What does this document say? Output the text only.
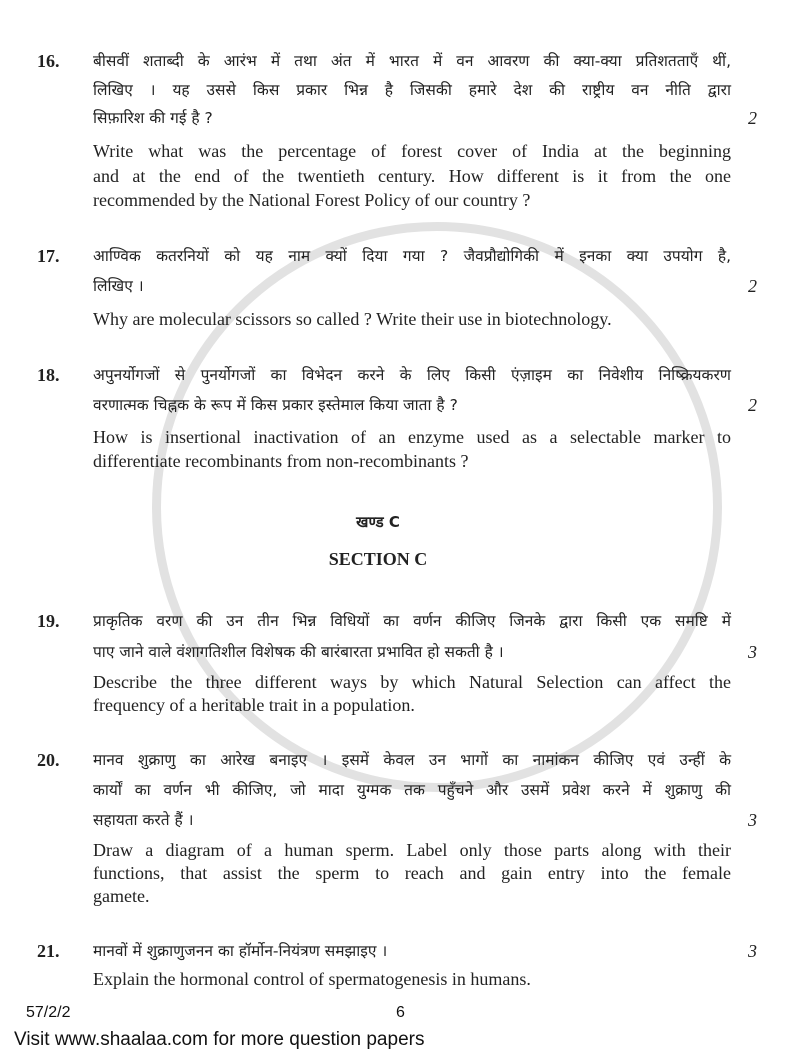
16. बीसवीं शताब्दी के आरंभ में तथा अंत में भारत में वन आवरण की क्या-क्या प्रतिशतताएँ थीं,
लिखिए । यह उससे किस प्रकार भिन्न है जिसकी हमारे देश की राष्ट्रीय वन नीति द्वारा
सिफ़ारिश की गई है ?
Write what was the percentage of forest cover of India at the beginning
and at the end of the twentieth century. How different is it from the one
recommended by the National Forest Policy of our country ?
2
17. आण्विक कतरनियों को यह नाम क्यों दिया गया ? जैवप्रौद्योगिकी में इनका क्या उपयोग है,
लिखिए ।
Why are molecular scissors so called ? Write their use in biotechnology.
2
18. अपुनर्योगजों से पुनर्योगजों का विभेदन करने के लिए किसी एंज़ाइम का निवेशीय निष्क्रियकरण
वरणात्मक चिह्नक के रूप में किस प्रकार इस्तेमाल किया जाता है ?
How is insertional inactivation of an enzyme used as a selectable marker to
differentiate recombinants from non-recombinants ?
2
19. प्राकृतिक वरण की उन तीन भिन्न विधियों का वर्णन कीजिए जिनके द्वारा किसी एक समष्टि में
पाए जाने वाले वंशागतिशील विशेषक की बारंबारता प्रभावित हो सकती है ।
Describe the three different ways by which Natural Selection can affect the
frequency of a heritable trait in a population.
3
20. मानव शुक्राणु का आरेख बनाइए । इसमें केवल उन भागों का नामांकन कीजिए एवं उन्हीं के
कार्यों का वर्णन भी कीजिए, जो मादा युग्मक तक पहुँचने और उसमें प्रवेश करने में शुक्राणु की
सहायता करते हैं ।
Draw a diagram of a human sperm. Label only those parts along with their
functions, that assist the sperm to reach and gain entry into the female
gamete.
3
21. मानवों में शुक्राणुजनन का हॉर्मोन-नियंत्रण समझाइए ।
Explain the hormonal control of spermatogenesis in humans.
3
खण्ड C
SECTION C
57/2/2	6
Visit www.shaalaa.com for more question papers
